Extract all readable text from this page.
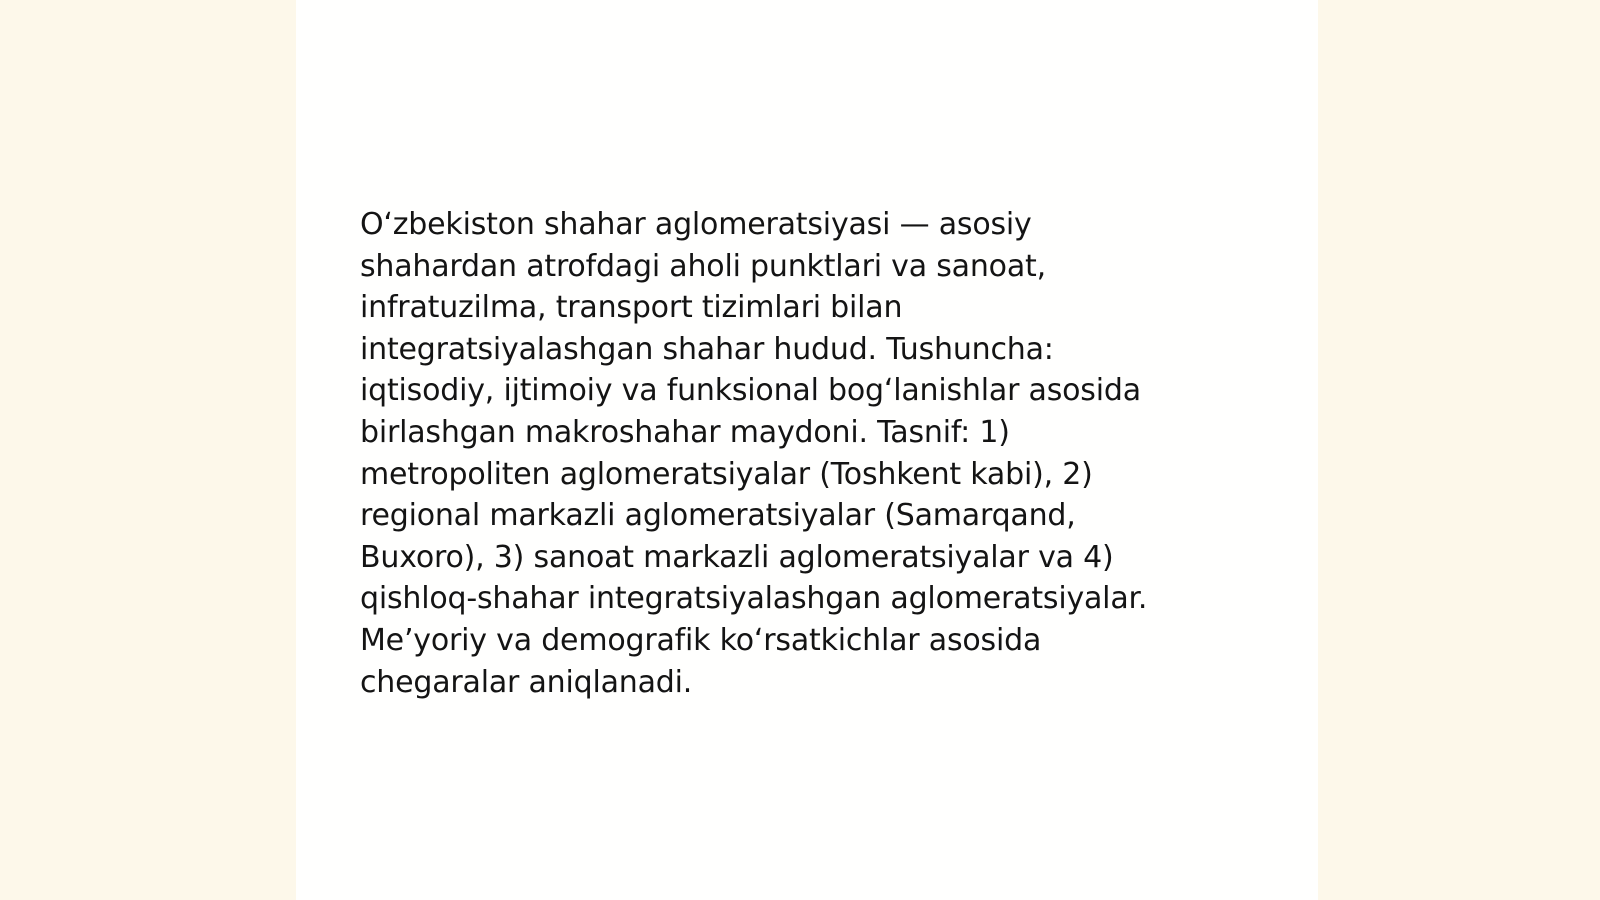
O‘zbekiston shahar aglomeratsiyasi — asosiy
shahardan atrofdagi aholi punktlari va sanoat,
infratuzilma, transport tizimlari bilan
integratsiyalashgan shahar hudud. Tushuncha:
iqtisodiy, ijtimoiy va funksional bog‘lanishlar asosida
birlashgan makroshahar maydoni. Tasnif: 1)
metropoliten aglomeratsiyalar (Toshkent kabi), 2)
regional markazli aglomeratsiyalar (Samarqand,
Buxoro), 3) sanoat markazli aglomeratsiyalar va 4)
qishloq-shahar integratsiyalashgan aglomeratsiyalar.
Me’yoriy va demografik ko‘rsatkichlar asosida
chegaralar aniqlanadi.
